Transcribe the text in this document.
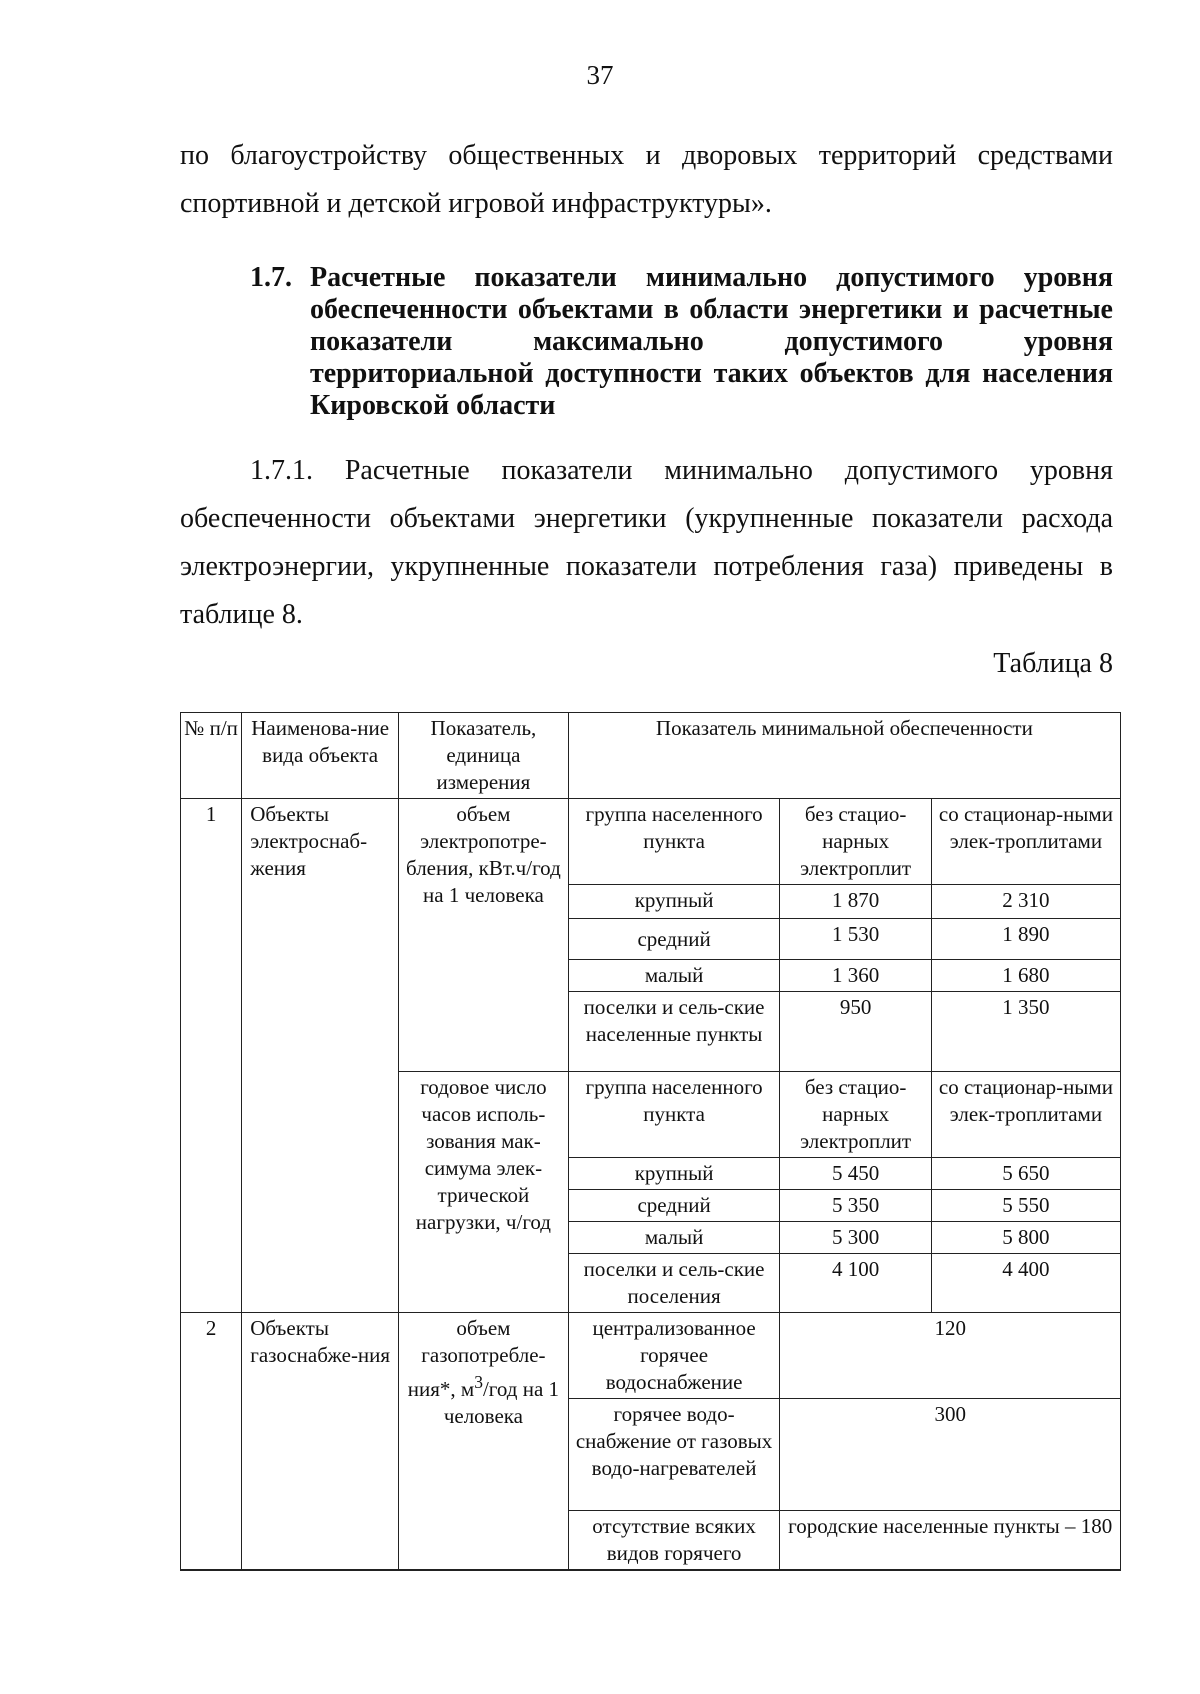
37

по благоустройству общественных и дворовых территорий средствами спортивной и детской игровой инфраструктуры».

1.7. Расчетные показатели минимально допустимого уровня обеспеченности объектами в области энергетики и расчетные показатели максимально допустимого уровня территориальной доступности таких объектов для населения Кировской области

1.7.1. Расчетные показатели минимально допустимого уровня обеспеченности объектами энергетики (укрупненные показатели расхода электроэнергии, укрупненные показатели потребления газа) приведены в таблице 8.

Таблица 8
№ п/п	Наименова-ние вида объекта	Показатель, единица измерения	Показатель минимальной обеспеченности		
1	Объекты электроснаб-жения	объем электропотре-бления, кВт.ч/год на 1 человека	группа населенного пункта	без стацио-нарных электроплит	со стационар-ными элек-троплитами
			крупный	1 870	2 310
			средний	1 530	1 890
			малый	1 360	1 680
			поселки и сель-ские населенные пункты	950	1 350
		годовое число часов исполь-зования мак-симума элек-трической нагрузки, ч/год	группа населенного пункта	без стацио-нарных электроплит	со стационар-ными элек-троплитами
			крупный	5 450	5 650
			средний	5 350	5 550
			малый	5 300	5 800
			поселки и сель-ские поселения	4 100	4 400
2	Объекты газоснабже-ния	объем газопотребле-ния*, $м^3$/год на 1 человека	централизованное горячее водоснабжение	120	
			горячее водо-снабжение от газовых водо-нагревателей	300	
			отсутствие всяких видов горячего	городские населенные пункты – 180	
